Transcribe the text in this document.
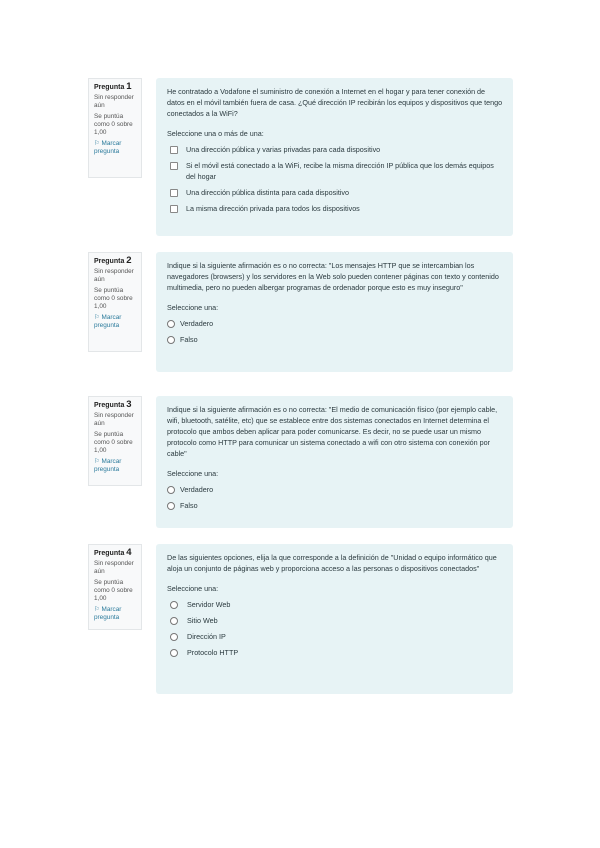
Pregunta 1
Sin responder aún
Se puntúa como 0 sobre 1,00
⚐ Marcar pregunta

He contratado a Vodafone el suministro de conexión a Internet en el hogar y para tener conexión de datos en el móvil también fuera de casa. ¿Qué dirección IP recibirán los equipos y dispositivos que tengo conectados a la WiFi?

Seleccione una o más de una:

Una dirección pública y varias privadas para cada dispositivo
Si el móvil está conectado a la WiFi, recibe la misma dirección IP pública que los demás equipos del hogar
Una dirección pública distinta para cada dispositivo
La misma dirección privada para todos los dispositivos
Pregunta 2
Sin responder aún
Se puntúa como 0 sobre 1,00
⚐ Marcar pregunta

Indique si la siguiente afirmación es o no correcta: "Los mensajes HTTP que se intercambian los navegadores (browsers) y los servidores en la Web solo pueden contener páginas con texto y contenido multimedia, pero no pueden albergar programas de ordenador porque esto es muy inseguro"

Seleccione una:

Verdadero
Falso
Pregunta 3
Sin responder aún
Se puntúa como 0 sobre 1,00
⚐ Marcar pregunta

Indique si la siguiente afirmación es o no correcta: "El medio de comunicación físico (por ejemplo cable, wifi, bluetooth, satélite, etc) que se establece entre dos sistemas conectados en Internet determina el protocolo que ambos deben aplicar para poder comunicarse. Es decir, no se puede usar un mismo protocolo como HTTP para comunicar un sistema conectado a wifi con otro sistema con conexión por cable"

Seleccione una:

Verdadero
Falso
Pregunta 4
Sin responder aún
Se puntúa como 0 sobre 1,00
⚐ Marcar pregunta

De las siguientes opciones, elija la que corresponde a la definición de "Unidad o equipo informático que aloja un conjunto de páginas web y proporciona acceso a las personas o dispositivos conectados"

Seleccione una:

Servidor Web
Sitio Web
Dirección IP
Protocolo HTTP
